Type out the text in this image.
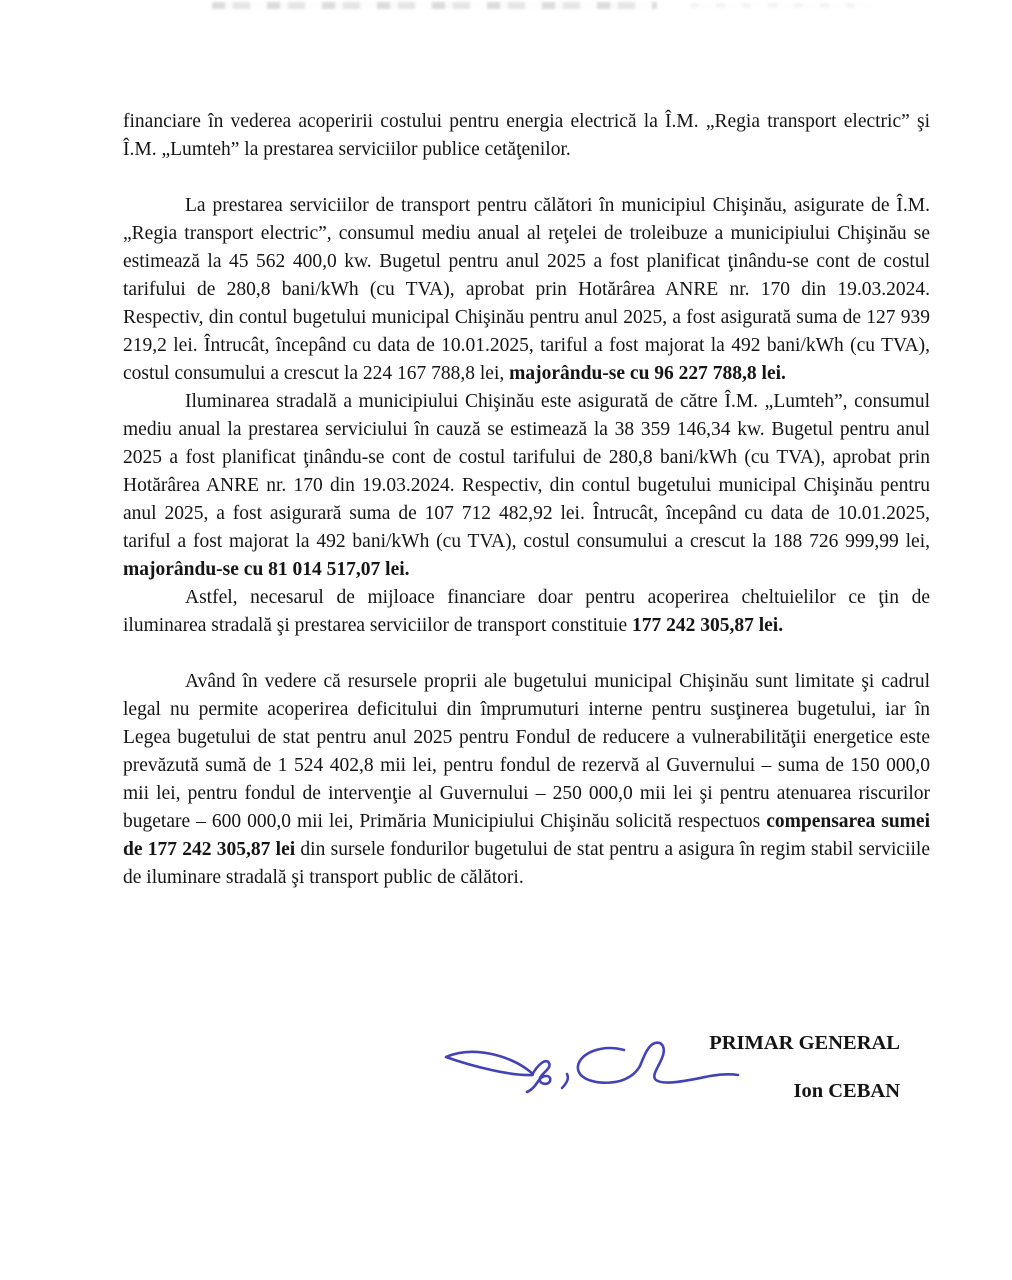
financiare în vederea acoperirii costului pentru energia electrică la Î.M. „Regia transport electric” şi Î.M. „Lumteh” la prestarea serviciilor publice cetăţenilor.

La prestarea serviciilor de transport pentru călători în municipiul Chişinău, asigurate de Î.M. „Regia transport electric”, consumul mediu anual al reţelei de troleibuze a municipiului Chişinău se estimează la 45 562 400,0 kw. Bugetul pentru anul 2025 a fost planificat ţinându-se cont de costul tarifului de 280,8 bani/kWh (cu TVA), aprobat prin Hotărârea ANRE nr. 170 din 19.03.2024. Respectiv, din contul bugetului municipal Chişinău pentru anul 2025, a fost asigurată suma de 127 939 219,2 lei. Întrucât, începând cu data de 10.01.2025, tariful a fost majorat la 492 bani/kWh (cu TVA), costul consumului a crescut la 224 167 788,8 lei, majorându-se cu 96 227 788,8 lei.

Iluminarea stradală a municipiului Chişinău este asigurată de către Î.M. „Lumteh”, consumul mediu anual la prestarea serviciului în cauză se estimează la 38 359 146,34 kw. Bugetul pentru anul 2025 a fost planificat ţinându-se cont de costul tarifului de 280,8 bani/kWh (cu TVA), aprobat prin Hotărârea ANRE nr. 170 din 19.03.2024. Respectiv, din contul bugetului municipal Chişinău pentru anul 2025, a fost asigurară suma de 107 712 482,92 lei. Întrucât, începând cu data de 10.01.2025, tariful a fost majorat la 492 bani/kWh (cu TVA), costul consumului a crescut la 188 726 999,99 lei, majorându-se cu 81 014 517,07 lei.

Astfel, necesarul de mijloace financiare doar pentru acoperirea cheltuielilor ce ţin de iluminarea stradală şi prestarea serviciilor de transport constituie 177 242 305,87 lei.

Având în vedere că resursele proprii ale bugetului municipal Chişinău sunt limitate şi cadrul legal nu permite acoperirea deficitului din împrumuturi interne pentru susţinerea bugetului, iar în Legea bugetului de stat pentru anul 2025 pentru Fondul de reducere a vulnerabilităţii energetice este prevăzută sumă de 1 524 402,8 mii lei, pentru fondul de rezervă al Guvernului – suma de 150 000,0 mii lei, pentru fondul de intervenţie al Guvernului – 250 000,0 mii lei şi pentru atenuarea riscurilor bugetare – 600 000,0 mii lei, Primăria Municipiului Chişinău solicită respectuos compensarea sumei de 177 242 305,87 lei din sursele fondurilor bugetului de stat pentru a asigura în regim stabil serviciile de iluminare stradală şi transport public de călători.

PRIMAR GENERAL
Ion CEBAN
